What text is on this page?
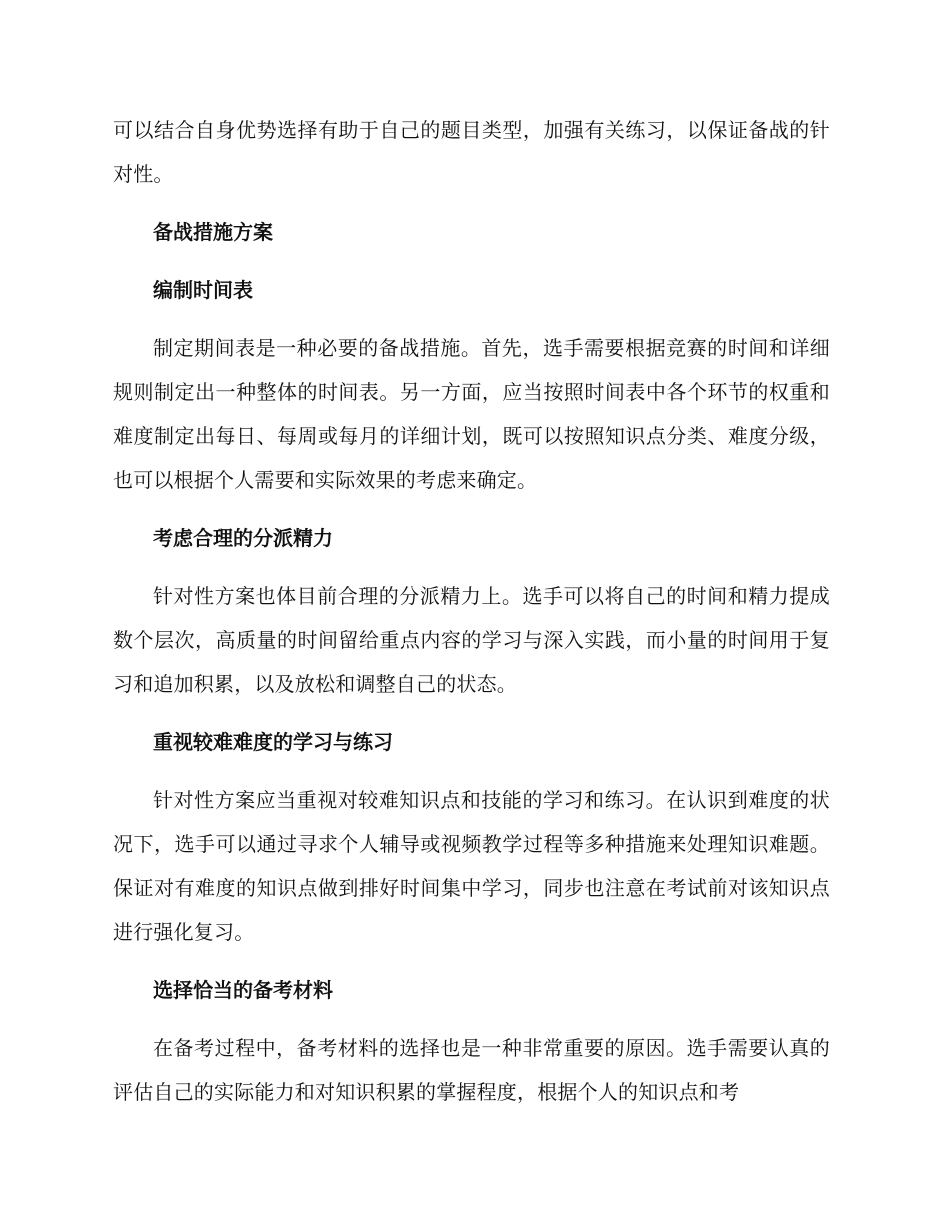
可以结合自身优势选择有助于自己的题目类型，加强有关练习，以保证备战的针对性。

备战措施方案
编制时间表

制定期间表是一种必要的备战措施。首先，选手需要根据竞赛的时间和详细规则制定出一种整体的时间表。另一方面，应当按照时间表中各个环节的权重和难度制定出每日、每周或每月的详细计划，既可以按照知识点分类、难度分级，也可以根据个人需要和实际效果的考虑来确定。

考虑合理的分派精力

针对性方案也体目前合理的分派精力上。选手可以将自己的时间和精力提成数个层次，高质量的时间留给重点内容的学习与深入实践，而小量的时间用于复习和追加积累，以及放松和调整自己的状态。

重视较难难度的学习与练习

针对性方案应当重视对较难知识点和技能的学习和练习。在认识到难度的状况下，选手可以通过寻求个人辅导或视频教学过程等多种措施来处理知识难题。保证对有难度的知识点做到排好时间集中学习，同步也注意在考试前对该知识点进行强化复习。

选择恰当的备考材料

在备考过程中，备考材料的选择也是一种非常重要的原因。选手需要认真的评估自己的实际能力和对知识积累的掌握程度，根据个人的知识点和考
